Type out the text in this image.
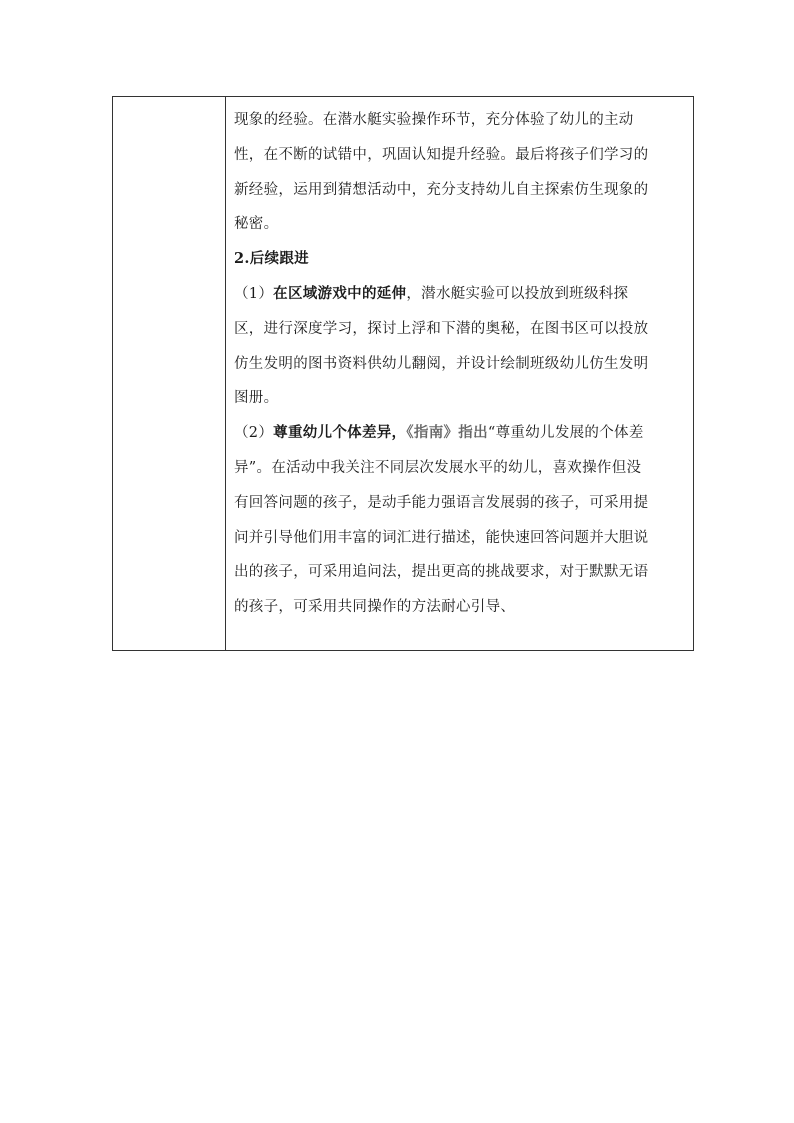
现象的经验。在潜水艇实验操作环节，充分体验了幼儿的主动
性，在不断的试错中，巩固认知提升经验。最后将孩子们学习的
新经验，运用到猜想活动中，充分支持幼儿自主探索仿生现象的
秘密。
2.后续跟进
（1）在区域游戏中的延伸，潜水艇实验可以投放到班级科探
区，进行深度学习，探讨上浮和下潜的奥秘，在图书区可以投放
仿生发明的图书资料供幼儿翻阅，并设计绘制班级幼儿仿生发明
图册。
（2）尊重幼儿个体差异，《指南》指出“尊重幼儿发展的个体差
异”。在活动中我关注不同层次发展水平的幼儿，喜欢操作但没
有回答问题的孩子，是动手能力强语言发展弱的孩子，可采用提
问并引导他们用丰富的词汇进行描述，能快速回答问题并大胆说
出的孩子，可采用追问法，提出更高的挑战要求，对于默默无语
的孩子，可采用共同操作的方法耐心引导、
